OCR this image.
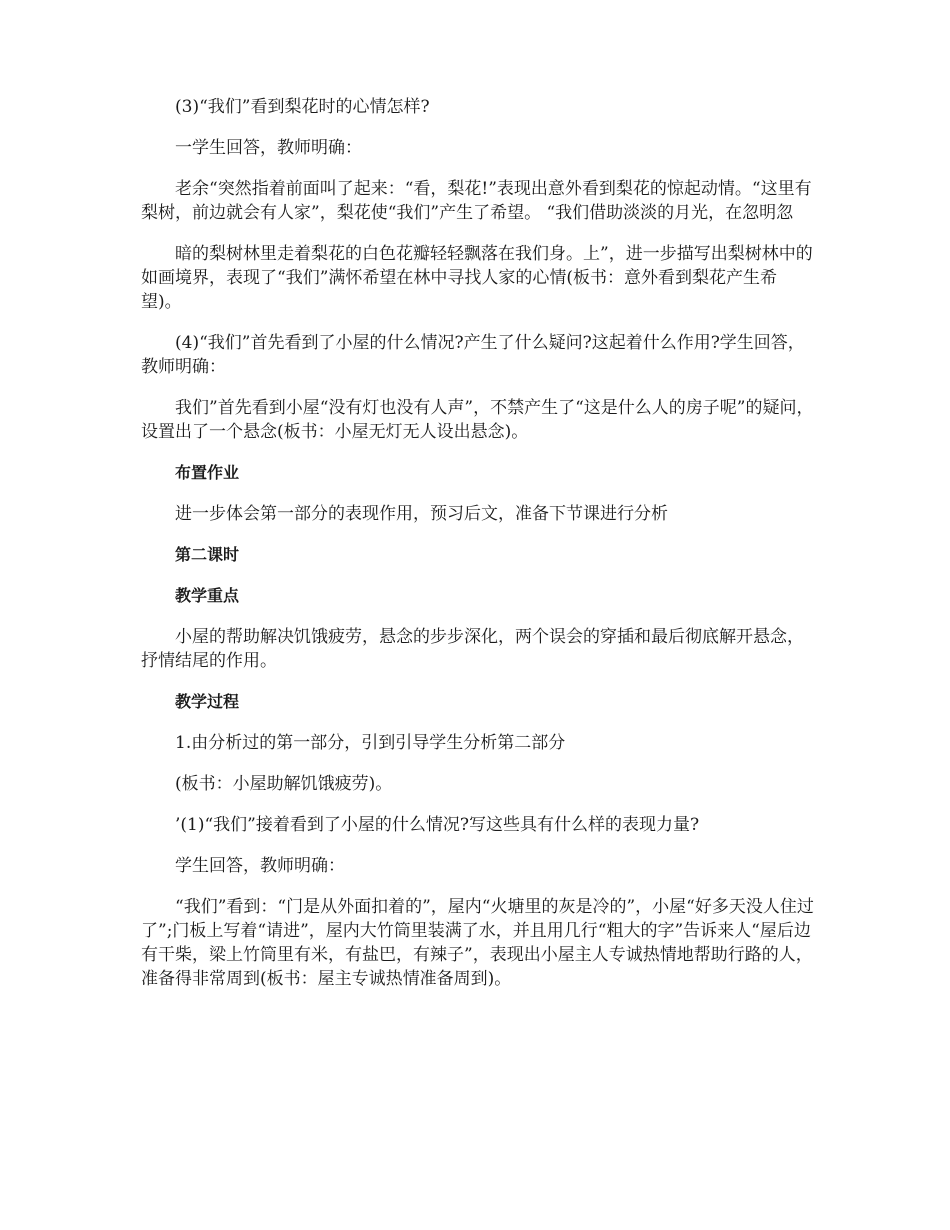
(3)“我们”看到梨花时的心情怎样?

一学生回答，教师明确：

老余“突然指着前面叫了起来：“看，梨花!”表现出意外看到梨花的惊起动情。“这里有梨树，前边就会有人家”，梨花使“我们”产生了希望。 “我们借助淡淡的月光，在忽明忽

暗的梨树林里走着梨花的白色花瓣轻轻飘落在我们身。上”，进一步描写出梨树林中的如画境界，表现了“我们”满怀希望在林中寻找人家的心情(板书：意外看到梨花产生希望)。

(4)“我们”首先看到了小屋的什么情况?产生了什么疑问?这起着什么作用?学生回答，教师明确：

我们”首先看到小屋“没有灯也没有人声”，不禁产生了“这是什么人的房子呢”的疑问，设置出了一个悬念(板书：小屋无灯无人设出悬念)。

布置作业

进一步体会第一部分的表现作用，预习后文，准备下节课进行分析

第二课时
教学重点

小屋的帮助解决饥饿疲劳，悬念的步步深化，两个误会的穿插和最后彻底解开悬念，抒情结尾的作用。

教学过程

1.由分析过的第一部分，引到引导学生分析第二部分

(板书：小屋助解饥饿疲劳)。

’(1)“我们”接着看到了小屋的什么情况?写这些具有什么样的表现力量?

学生回答，教师明确：

“我们”看到：“门是从外面扣着的”，屋内“火塘里的灰是冷的”，小屋“好多天没人住过了”;门板上写着“请进”，屋内大竹筒里装满了水，并且用几行“粗大的字”告诉来人“屋后边有干柴，梁上竹筒里有米，有盐巴，有辣子”，表现出小屋主人专诚热情地帮助行路的人，准备得非常周到(板书：屋主专诚热情准备周到)。
